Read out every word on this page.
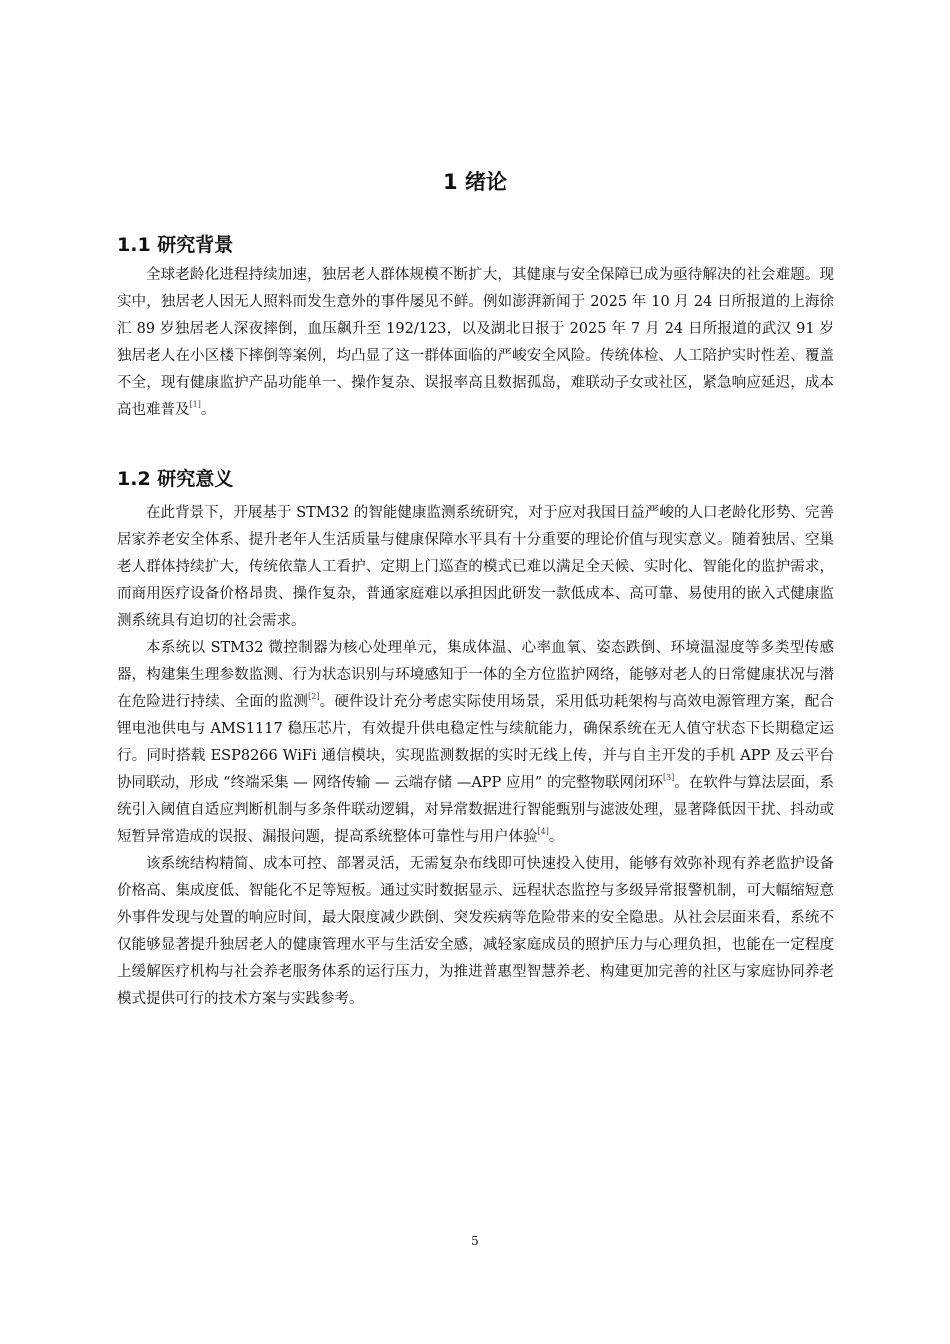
1 绪论
1.1 研究背景

全球老龄化进程持续加速，独居老人群体规模不断扩大，其健康与安全保障已成为亟待解决的社会难题。现实中，独居老人因无人照料而发生意外的事件屡见不鲜。例如澎湃新闻于 2025 年 10 月 24 日所报道的上海徐汇 89 岁独居老人深夜摔倒，血压飙升至 192/123，以及湖北日报于 2025 年 7 月 24 日所报道的武汉 91 岁独居老人在小区楼下摔倒等案例，均凸显了这一群体面临的严峻安全风险。传统体检、人工陪护实时性差、覆盖不全，现有健康监护产品功能单一、操作复杂、误报率高且数据孤岛，难联动子女或社区，紧急响应延迟，成本高也难普及[1]。

1.2 研究意义

在此背景下，开展基于 STM32 的智能健康监测系统研究，对于应对我国日益严峻的人口老龄化形势、完善居家养老安全体系、提升老年人生活质量与健康保障水平具有十分重要的理论价值与现实意义。随着独居、空巢老人群体持续扩大，传统依靠人工看护、定期上门巡查的模式已难以满足全天候、实时化、智能化的监护需求，而商用医疗设备价格昂贵、操作复杂，普通家庭难以承担因此研发一款低成本、高可靠、易使用的嵌入式健康监测系统具有迫切的社会需求。

本系统以 STM32 微控制器为核心处理单元，集成体温、心率血氧、姿态跌倒、环境温湿度等多类型传感器，构建集生理参数监测、行为状态识别与环境感知于一体的全方位监护网络，能够对老人的日常健康状况与潜在危险进行持续、全面的监测[2]。硬件设计充分考虑实际使用场景，采用低功耗架构与高效电源管理方案，配合锂电池供电与 AMS1117 稳压芯片，有效提升供电稳定性与续航能力，确保系统在无人值守状态下长期稳定运行。同时搭载 ESP8266 WiFi 通信模块，实现监测数据的实时无线上传，并与自主开发的手机 APP 及云平台协同联动，形成 “终端采集 — 网络传输 — 云端存储 —APP 应用” 的完整物联网闭环[3]。在软件与算法层面，系统引入阈值自适应判断机制与多条件联动逻辑，对异常数据进行智能甄别与滤波处理，显著降低因干扰、抖动或短暂异常造成的误报、漏报问题，提高系统整体可靠性与用户体验[4]。

该系统结构精简、成本可控、部署灵活，无需复杂布线即可快速投入使用，能够有效弥补现有养老监护设备价格高、集成度低、智能化不足等短板。通过实时数据显示、远程状态监控与多级异常报警机制，可大幅缩短意外事件发现与处置的响应时间，最大限度减少跌倒、突发疾病等危险带来的安全隐患。从社会层面来看，系统不仅能够显著提升独居老人的健康管理水平与生活安全感，减轻家庭成员的照护压力与心理负担，也能在一定程度上缓解医疗机构与社会养老服务体系的运行压力，为推进普惠型智慧养老、构建更加完善的社区与家庭协同养老模式提供可行的技术方案与实践参考。

5
